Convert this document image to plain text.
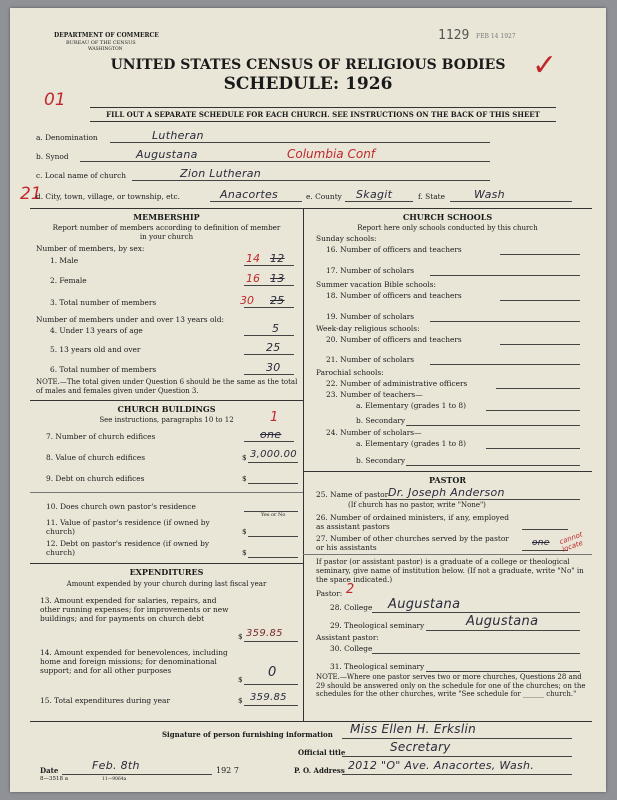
DEPARTMENT OF COMMERCE
BUREAU OF THE CENSUS
WASHINGTON
1129 FEB 14 1927
✓
UNITED STATES CENSUS OF RELIGIOUS BODIES
SCHEDULE: 1926
01
FILL OUT A SEPARATE SCHEDULE FOR EACH CHURCH. SEE INSTRUCTIONS ON THE BACK OF THIS SHEET
a. Denomination	Lutheran
b. Synod	Augustana	Columbia Conf
c. Local name of church	Zion Lutheran
21
d. City, town, village, or township, etc.	Anacortes	e. County Skagit	f. State	Wash
MEMBERSHIP
Report number of members according to definition of member in your church
Number of members, by sex:
1. Male	14 12
2. Female	16 13
3. Total number of members	30 25
Number of members under and over 13 years old:
4. Under 13 years of age	5
5. 13 years old and over	25
6. Total number of members	30
NOTE.—The total given under Question 6 should be the same as the total of males and females given under Question 3.
CHURCH BUILDINGS
See instructions, paragraphs 10 to 12	1
7. Number of church edifices	one
8. Value of church edifices	$ 3,000.00
9. Debt on church edifices	$
10. Does church own pastor's residence
Yes or No
11. Value of pastor's residence (if owned by church)	$
12. Debt on pastor's residence (if owned by church)	$
EXPENDITURES
Amount expended by your church during last fiscal year
13. Amount expended for salaries, repairs, and other running expenses; for improvements or new buildings; and for payments on church debt
$ 359.85
14. Amount expended for benevolences, including home and foreign missions; for denominational support; and for all other purposes
$ 0
15. Total expenditures during year	$ 359.85
CHURCH SCHOOLS
Report here only schools conducted by this church
Sunday schools:
16. Number of officers and teachers
17. Number of scholars
Summer vacation Bible schools:
18. Number of officers and teachers
19. Number of scholars
Week-day religious schools:
20. Number of officers and teachers
21. Number of scholars
Parochial schools:
22. Number of administrative officers
23. Number of teachers—
a. Elementary (grades 1 to 8)
b. Secondary
24. Number of scholars—
a. Elementary (grades 1 to 8)
b. Secondary
PASTOR
25. Name of pastor Dr. Joseph Anderson
(If church has no pastor, write "None")
26. Number of ordained ministers, if any, employed as assistant pastors
27. Number of other churches served by the pastor or his assistants	one cannot locate
If pastor (or assistant pastor) is a graduate of a college or theological seminary, give name of institution below. (If not a graduate, write "No" in the space indicated.)
Pastor: 2
28. College Augustana
29. Theological seminary	Augustana
Assistant pastor:
30. College
31. Theological seminary
NOTE.—Where one pastor serves two or more churches, Questions 28 and 29 should be answered only on the schedule for one of the churches; on the schedules for the other churches, write "See schedule for ______ church."
Signature of person furnishing information Miss Ellen H. Erkslin
Official title	Secretary
Date	Feb. 8th	192 7	P. O. Address 2012 "O" Ave. Anacortes, Wash.
8—3518 a	11—9064a
